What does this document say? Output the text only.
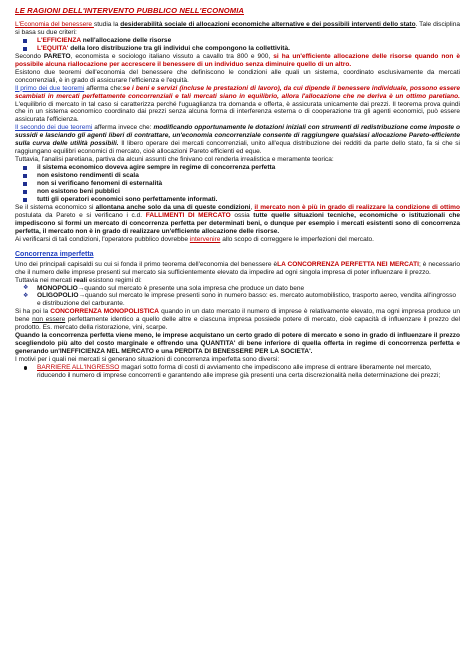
LE RAGIONI DELL'INTERVENTO PUBBLICO NELL'ECONOMIA

L'Economia del benessere studia la desiderabilità sociale di allocazioni economiche alternative e dei possibili interventi dello stato. Tale disciplina si basa su due criteri:

L'EFFICIENZA nell'allocazione delle risorse
L'EQUITA' della loro distribuzione tra gli individui che compongono la collettività.

Secondo PARETO, economista e sociologo italiano vissuto a cavallo tra 800 e 900, si ha un'efficiente allocazione delle risorse quando non è possibile alcuna riallocazione per accrescere il benessere di un individuo senza diminuire quello di un altro.

Esistono due teoremi dell'economia del benessere che definiscono le condizioni alle quali un sistema, coordinato esclusivamente da mercati concorrenziali, è in grado di assicurare l'efficienza e l'equità.

Il primo dei due teoremi afferma che:se i beni e servizi (incluse le prestazioni di lavoro), da cui dipende il benessere individuale, possono essere scambiati in mercati perfettamente concorrenziali e tali mercati siano in equilibrio, allora l'allocazione che ne deriva è un ottimo paretiano. L'equilibrio di mercato in tal caso si caratterizza perché l'uguaglianza tra domanda e offerta, è assicurata unicamente dai prezzi. Il teorema prova quindi che in un sistema economico coordinato dai prezzi senza alcuna forma di interferenza esterna o di cooperazione tra gli agenti economici, può essere assicurata l'efficienza.

Il secondo dei due teoremi afferma invece che: modificando opportunamente le dotazioni iniziali con strumenti di redistribuzione come imposte o sussidi e lasciando gli agenti liberi di contrattare, un'economia concorrenziale consente di raggiungere qualsiasi allocazione Pareto-efficiente sulla curva delle utilità possibili. Il libero operare dei mercati concorrenziali, unito all'equa distribuzione dei redditi da parte dello stato, fa si che si raggiungano equilibri economici di mercato, cioè allocazioni Pareto efficienti ed eque.

Tuttavia, l'analisi paretiana, partiva da alcuni assunti che finivano col renderla irrealistica e meramente teorica:

il sistema economico doveva agire sempre in regime di concorrenza perfetta
non esistono rendimenti di scala
non si verificano fenomeni di esternalità
non esistono beni pubblici
tutti gli operatori economici sono perfettamente informati.

Se il sistema economico si allontana anche solo da una di queste condizioni, il mercato non è più in grado di realizzare la condizione di ottimo postulata da Pareto e si verificano i c.d. FALLIMENTI DI MERCATO ossia tutte quelle situazioni tecniche, economiche o istituzionali che impediscono si formi un mercato di concorrenza perfetta per determinati beni, o dunque per esempio i mercati esistenti sono di concorrenza perfetta, il mercato non è in grado di realizzare un'efficiente allocazione delle risorse.

Ai verificarsi di tali condizioni, l'operatore pubblico dovrebbe intervenire allo scopo di correggere le imperfezioni del mercato.

Concorrenza imperfetta

Uno dei principali capisaldi su cui si fonda il primo teorema dell'economia del benessere èLA CONCORRENZA PERFETTA NEI MERCATI; è necessario che il numero delle imprese presenti sul mercato sia sufficientemente elevato da impedire ad ogni singola impresa di poter influenzare il prezzo.

Tuttavia nei mercati reali esistono regimi di:

❖ MONOPOLIO→quando sul mercato è presente una sola impresa che produce un dato bene
❖ OLIGOPOLIO→quando sul mercato le imprese presenti sono in numero basso: es. mercato automobilistico, trasporto aereo, vendita all'ingrosso e distribuzione del carburante.

Si ha poi la CONCORRENZA MONOPOLISTICA quando in un dato mercato il numero di imprese è relativamente elevato, ma ogni impresa produce un bene non essere perfettamente identico a quello delle altre e ciascuna impresa possiede potere di mercato, cioè capacità di influenzare il prezzo del prodotto. Es. mercato della ristorazione, vini, scarpe.

Quando la concorrenza perfetta viene meno, le imprese acquistano un certo grado di potere di mercato e sono in grado di influenzare il prezzo scegliendolo più alto del costo marginale e offrendo una QUANTITA' di bene inferiore di quella offerta in regime di concorrenza perfetta e generando un'INEFFICIENZA NEL MERCATO e una PERDITA DI BENESSERE PER LA SOCIETA'.

I motivi per i quali nei mercati si generano situazioni di concorrenza imperfetta sono diversi:

BARRIERE ALL'INGRESSO magari sotto forma di costi di avviamento che impediscono alle imprese di entrare liberamente nel mercato, riducendo il numero di imprese concorrenti e garantendo alle imprese già presenti una certa discrezionalità nella determinazione dei prezzi;
